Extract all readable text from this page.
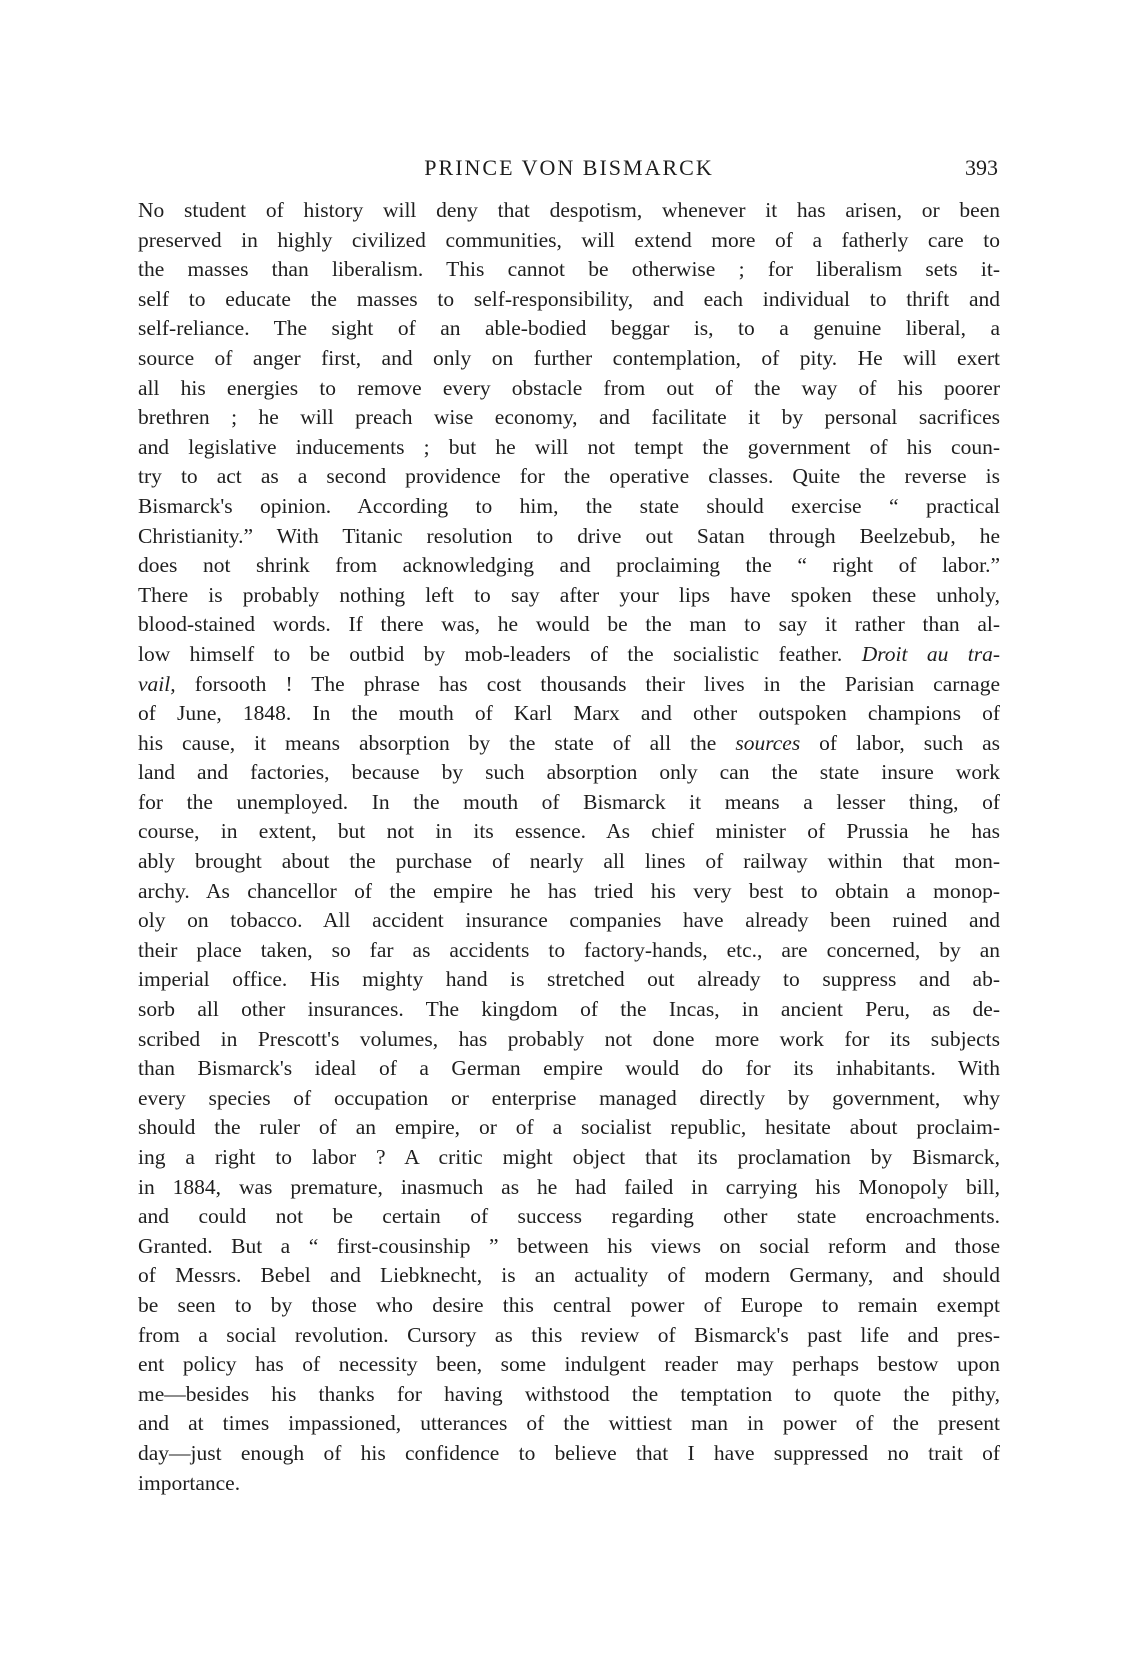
PRINCE VON BISMARCK	393
No student of history will deny that despotism, whenever it has arisen, or been
preserved in highly civilized communities, will extend more of a fatherly care to
the masses than liberalism. This cannot be otherwise ; for liberalism sets it-
self to educate the masses to self-responsibility, and each individual to thrift and
self-reliance. The sight of an able-bodied beggar is, to a genuine liberal, a
source of anger first, and only on further contemplation, of pity. He will exert
all his energies to remove every obstacle from out of the way of his poorer
brethren ; he will preach wise economy, and facilitate it by personal sacrifices
and legislative inducements ; but he will not tempt the government of his coun-
try to act as a second providence for the operative classes. Quite the reverse is
Bismarck's opinion. According to him, the state should exercise “ practical
Christianity.” With Titanic resolution to drive out Satan through Beelzebub, he
does not shrink from acknowledging and proclaiming the “ right of labor.”
There is probably nothing left to say after your lips have spoken these unholy,
blood-stained words. If there was, he would be the man to say it rather than al-
low himself to be outbid by mob-leaders of the socialistic feather. Droit au tra-
vail, forsooth ! The phrase has cost thousands their lives in the Parisian carnage
of June, 1848. In the mouth of Karl Marx and other outspoken champions of
his cause, it means absorption by the state of all the sources of labor, such as
land and factories, because by such absorption only can the state insure work
for the unemployed. In the mouth of Bismarck it means a lesser thing, of
course, in extent, but not in its essence. As chief minister of Prussia he has
ably brought about the purchase of nearly all lines of railway within that mon-
archy. As chancellor of the empire he has tried his very best to obtain a monop-
oly on tobacco. All accident insurance companies have already been ruined and
their place taken, so far as accidents to factory-hands, etc., are concerned, by an
imperial office. His mighty hand is stretched out already to suppress and ab-
sorb all other insurances. The kingdom of the Incas, in ancient Peru, as de-
scribed in Prescott's volumes, has probably not done more work for its subjects
than Bismarck's ideal of a German empire would do for its inhabitants. With
every species of occupation or enterprise managed directly by government, why
should the ruler of an empire, or of a socialist republic, hesitate about proclaim-
ing a right to labor ? A critic might object that its proclamation by Bismarck,
in 1884, was premature, inasmuch as he had failed in carrying his Monopoly bill,
and could not be certain of success regarding other state encroachments.
Granted. But a “ first-cousinship ” between his views on social reform and those
of Messrs. Bebel and Liebknecht, is an actuality of modern Germany, and should
be seen to by those who desire this central power of Europe to remain exempt
from a social revolution. Cursory as this review of Bismarck's past life and pres-
ent policy has of necessity been, some indulgent reader may perhaps bestow upon
me—besides his thanks for having withstood the temptation to quote the pithy,
and at times impassioned, utterances of the wittiest man in power of the present
day—just enough of his confidence to believe that I have suppressed no trait of
importance.
